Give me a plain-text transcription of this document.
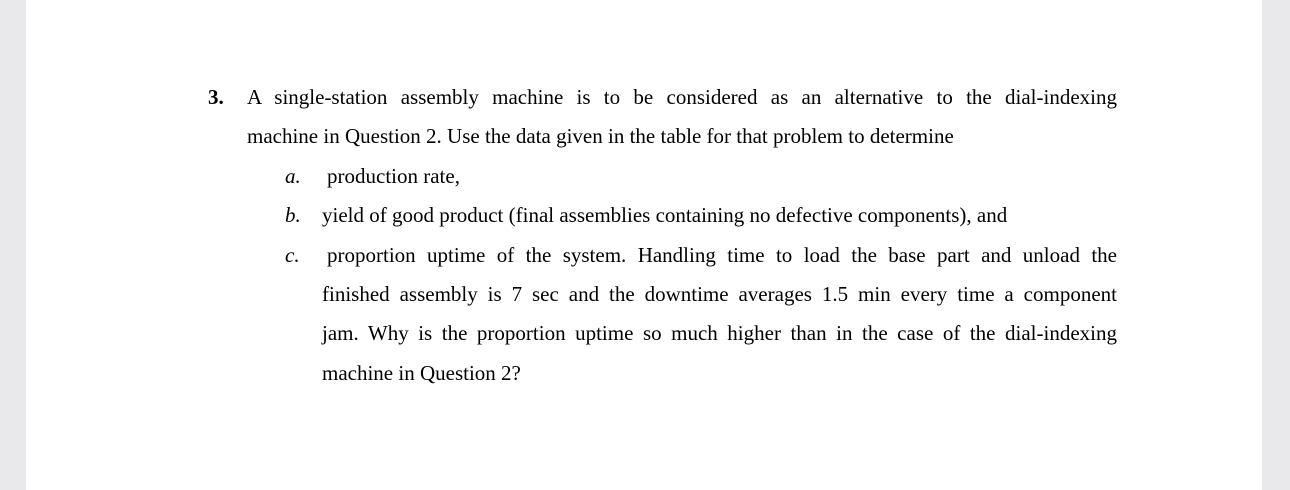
3. A single-station assembly machine is to be considered as an alternative to the dial-indexing
machine in Question 2. Use the data given in the table for that problem to determine
a. production rate,
b. yield of good product (final assemblies containing no defective components), and
c. proportion uptime of the system. Handling time to load the base part and unload the
finished assembly is 7 sec and the downtime averages 1.5 min every time a component
jam. Why is the proportion uptime so much higher than in the case of the dial-indexing
machine in Question 2?
